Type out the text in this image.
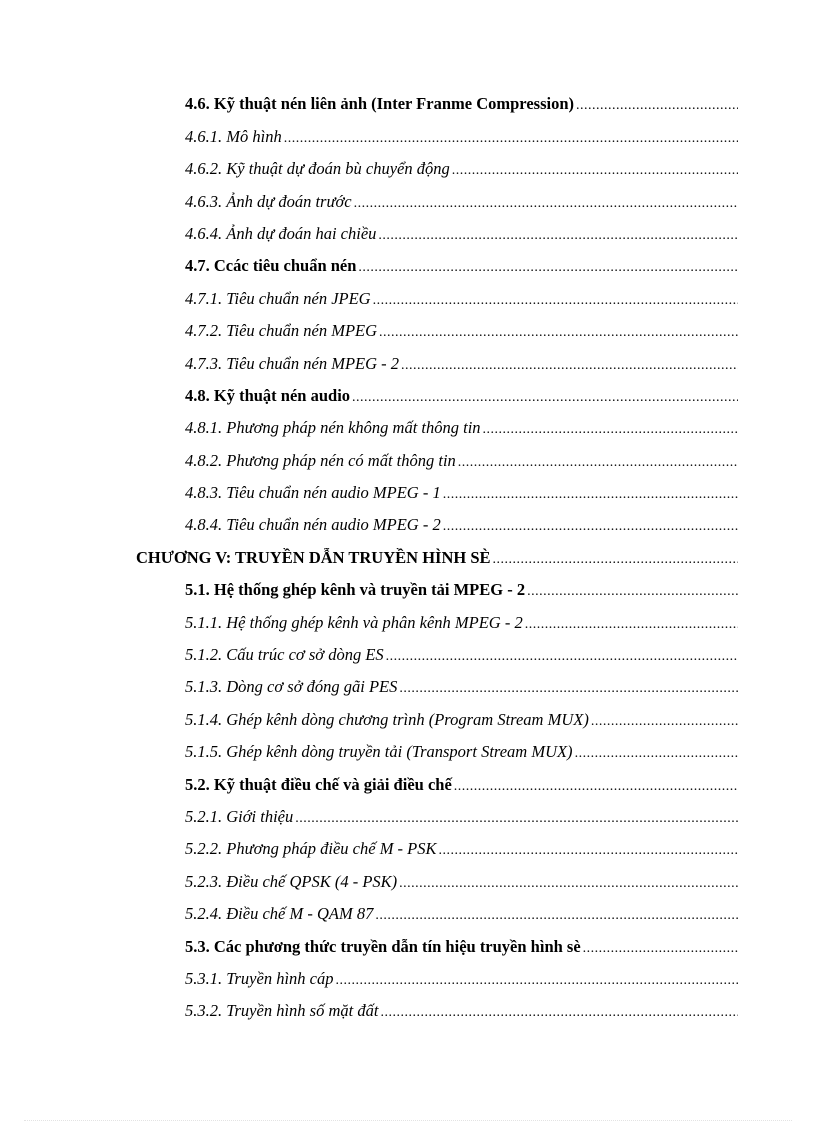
4.6. Kỹ thuật nén liên ảnh (Inter Franme Compression)
.....
4.6.1. Mô hình
.....
4.6.2. Kỹ thuật dự đoán bù chuyển động
.....
4.6.3. Ảnh dự đoán trước
.....
4.6.4. Ảnh dự đoán hai chiều
.....
4.7. Ccác tiêu chuẩn nén
.....
4.7.1. Tiêu chuẩn nén JPEG
.....
4.7.2. Tiêu chuẩn nén MPEG
.....
4.7.3. Tiêu chuẩn nén MPEG - 2
.....
4.8. Kỹ thuật nén audio
.....
4.8.1. Phương pháp nén không mất thông tin
.....
4.8.2. Phương pháp nén có mất thông tin
.....
4.8.3. Tiêu chuẩn nén audio MPEG - 1
.....
4.8.4. Tiêu chuẩn nén audio MPEG - 2
.....
CHƯƠNG V: TRUYỀN DẪN TRUYỀN HÌNH SÈ
.....
5.1. Hệ thống ghép kênh và truyền tải MPEG - 2
.....
5.1.1. Hệ thống ghép kênh và phân kênh MPEG - 2
.....
5.1.2. Cấu trúc cơ sở dòng ES
.....
5.1.3. Dòng cơ sở đóng gãi PES
.....
5.1.4. Ghép kênh dòng chương trình (Program Stream MUX)
.....
5.1.5. Ghép kênh dòng truyền tải (Transport Stream MUX)
.....
5.2. Kỹ thuật điều chế và giải điều chế
.....
5.2.1. Giới thiệu
.....
5.2.2. Phương pháp điều chế M - PSK
.....
5.2.3. Điều chế QPSK (4 - PSK)
.....
5.2.4. Điều chế M - QAM 87
.....
5.3. Các phương thức truyền dẫn tín hiệu truyền hình sè
.....
5.3.1. Truyền hình cáp
.....
5.3.2. Truyền hình số mặt đất
.....
